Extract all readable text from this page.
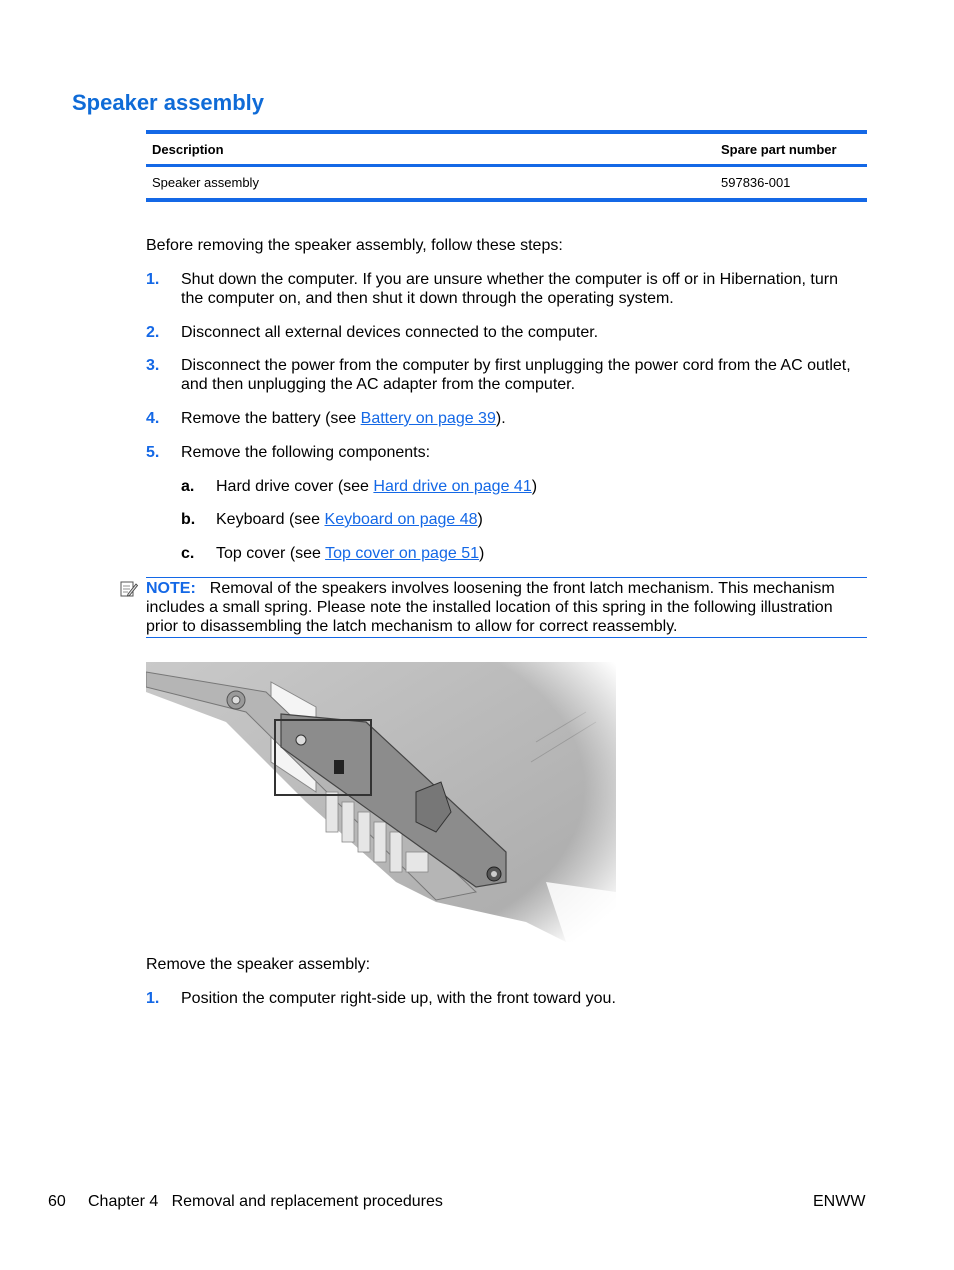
Speaker assembly
Description	Spare part number
Speaker assembly	597836-001
Before removing the speaker assembly, follow these steps:
1. Shut down the computer. If you are unsure whether the computer is off or in Hibernation, turn
the computer on, and then shut it down through the operating system.
2. Disconnect all external devices connected to the computer.
3. Disconnect the power from the computer by first unplugging the power cord from the AC outlet,
and then unplugging the AC adapter from the computer.
4. Remove the battery (see Battery on page 39).
5. Remove the following components:
a. Hard drive cover (see Hard drive on page 41)
b. Keyboard (see Keyboard on page 48)
c. Top cover (see Top cover on page 51)
NOTE: Removal of the speakers involves loosening the front latch mechanism. This mechanism
includes a small spring. Please note the installed location of this spring in the following illustration
prior to disassembling the latch mechanism to allow for correct reassembly.
Remove the speaker assembly:
1. Position the computer right-side up, with the front toward you.
60 Chapter 4   Removal and replacement procedures	ENWW
